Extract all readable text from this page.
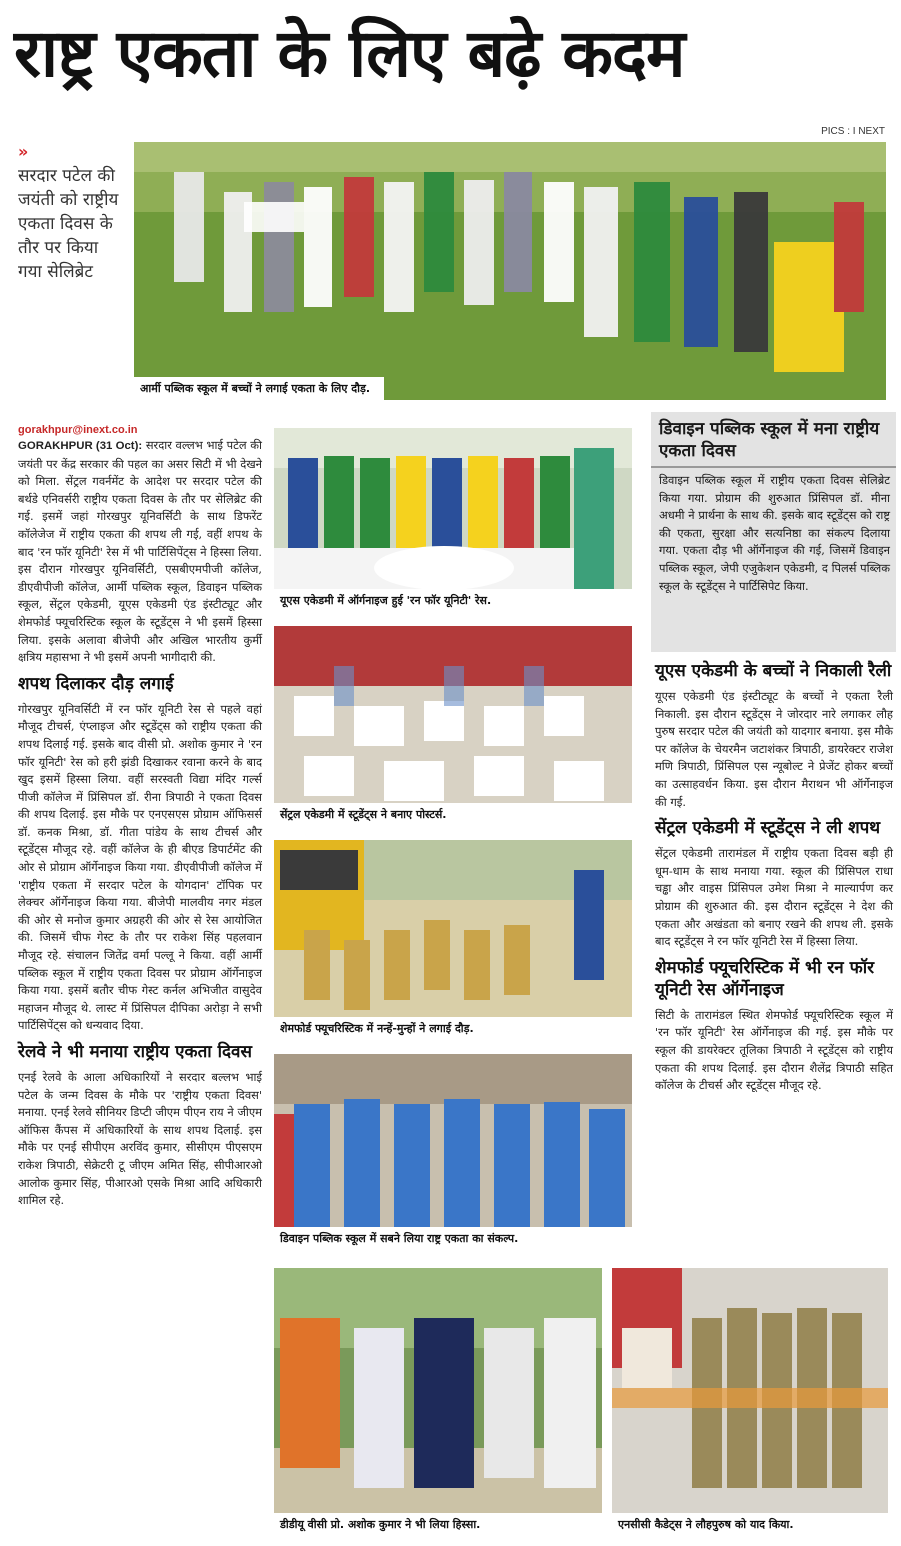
राष्ट्र एकता के लिए बढ़े कदम
PICS : I NEXT
»
सरदार पटेल की जयंती को राष्ट्रीय एकता दिवस के तौर पर किया गया सेलिब्रेट
आर्मी पब्लिक स्कूल में बच्चों ने लगाई एकता के लिए दौड़.
gorakhpur@inext.co.in

GORAKHPUR (31 Oct): सरदार वल्लभ भाई पटेल की जयंती पर केंद्र सरकार की पहल का असर सिटी में भी देखने को मिला. सेंट्रल गवर्नमेंट के आदेश पर सरदार पटेल की बर्थडे एनिवर्सरी राष्ट्रीय एकता दिवस के तौर पर सेलिब्रेट की गई. इसमें जहां गोरखपुर यूनिवर्सिटी के साथ डिफरेंट कॉलेजेज में राष्ट्रीय एकता की शपथ ली गई, वहीं शपथ के बाद 'रन फॉर यूनिटी' रेस में भी पार्टिसिपेंट्स ने हिस्सा लिया. इस दौरान गोरखपुर यूनिवर्सिटी, एसबीएमपीजी कॉलेज, डीएवीपीजी कॉलेज, आर्मी पब्लिक स्कूल, डिवाइन पब्लिक स्कूल, सेंट्रल एकेडमी, यूएस एकेडमी एंड इंस्टीट्यूट और शेमफोर्ड फ्यूचरिस्टिक स्कूल के स्टूडेंट्स ने भी इसमें हिस्सा लिया. इसके अलावा बीजेपी और अखिल भारतीय कुर्मी क्षत्रिय महासभा ने भी इसमें अपनी भागीदारी की.

शपथ दिलाकर दौड़ लगाई

गोरखपुर यूनिवर्सिटी में रन फॉर यूनिटी रेस से पहले वहां मौजूद टीचर्स, एंप्लाइज और स्टूडेंट्स को राष्ट्रीय एकता की शपथ दिलाई गई. इसके बाद वीसी प्रो. अशोक कुमार ने 'रन फॉर यूनिटी' रेस को हरी झंडी दिखाकर रवाना करने के बाद खुद इसमें हिस्सा लिया. वहीं सरस्वती विद्या मंदिर गर्ल्स पीजी कॉलेज में प्रिंसिपल डॉ. रीना त्रिपाठी ने एकता दिवस की शपथ दिलाई. इस मौके पर एनएसएस प्रोग्राम ऑफिसर्स डॉ. कनक मिश्रा, डॉ. गीता पांडेय के साथ टीचर्स और स्टूडेंट्स मौजूद रहे. वहीं कॉलेज के ही बीएड डिपार्टमेंट की ओर से प्रोग्राम ऑर्गेनाइज किया गया. डीएवीपीजी कॉलेज में 'राष्ट्रीय एकता में सरदार पटेल के योगदान' टॉपिक पर लेक्चर ऑर्गेनाइज किया गया. बीजेपी मालवीय नगर मंडल की ओर से मनोज कुमार अग्रहरी की ओर से रेस आयोजित की. जिसमें चीफ गेस्ट के तौर पर राकेश सिंह पहलवान मौजूद रहे. संचालन जितेंद्र वर्मा पल्लू ने किया. वहीं आर्मी पब्लिक स्कूल में राष्ट्रीय एकता दिवस पर प्रोग्राम ऑर्गेनाइज किया गया. इसमें बतौर चीफ गेस्ट कर्नल अभिजीत वासुदेव महाजन मौजूद थे. लास्ट में प्रिंसिपल दीपिका अरोड़ा ने सभी पार्टिसिपेंट्स को धन्यवाद दिया.

रेलवे ने भी मनाया राष्ट्रीय एकता दिवस

एनई रेलवे के आला अधिकारियों ने सरदार बल्लभ भाई पटेल के जन्म दिवस के मौके पर 'राष्ट्रीय एकता दिवस' मनाया. एनई रेलवे सीनियर डिप्टी जीएम पीएन राय ने जीएम ऑफिस कैंपस में अधिकारियों के साथ शपथ दिलाई. इस मौके पर एनई सीपीएम अरविंद कुमार, सीसीएम पीएसएम राकेश त्रिपाठी, सेक्रेटरी टू जीएम अमित सिंह, सीपीआरओ आलोक कुमार सिंह, पीआरओ एसके मिश्रा आदि अधिकारी शामिल रहे.

यूएस एकेडमी में ऑर्गनाइज हुई 'रन फॉर यूनिटी' रेस.
सेंट्रल एकेडमी में स्टूडेंट्स ने बनाए पोस्टर्स.
शेमफोर्ड फ्यूचरिस्टिक में नन्हें-मुन्हों ने लगाई दौड़.
डिवाइन पब्लिक स्कूल में सबने लिया राष्ट्र एकता का संकल्प.
डिवाइन पब्लिक स्कूल में मना राष्ट्रीय एकता दिवस
डिवाइन पब्लिक स्कूल में राष्ट्रीय एकता दिवस सेलिब्रेट किया गया. प्रोग्राम की शुरुआत प्रिंसिपल डॉ. मीना अधमी ने प्रार्थना के साथ की. इसके बाद स्टूडेंट्स को राष्ट्र की एकता, सुरक्षा और सत्यनिष्ठा का संकल्प दिलाया गया. एकता दौड़ भी ऑर्गेनाइज की गई, जिसमें डिवाइन पब्लिक स्कूल, जेपी एजुकेशन एकेडमी, द पिलर्स पब्लिक स्कूल के स्टूडेंट्स ने पार्टिसिपेट किया.
यूएस एकेडमी के बच्चों ने निकाली रैली

यूएस एकेडमी एंड इंस्टीट्यूट के बच्चों ने एकता रैली निकाली. इस दौरान स्टूडेंट्स ने जोरदार नारे लगाकर लौह पुरुष सरदार पटेल की जयंती को यादगार बनाया. इस मौके पर कॉलेज के चेयरमैन जटाशंकर त्रिपाठी, डायरेक्टर राजेश मणि त्रिपाठी, प्रिंसिपल एस न्यूबोल्ट ने प्रेजेंट होकर बच्चों का उत्साहवर्धन किया. इस दौरान मैराथन भी ऑर्गेनाइज की गई.

सेंट्रल एकेडमी में स्टूडेंट्स ने ली शपथ

सेंट्रल एकेडमी तारामंडल में राष्ट्रीय एकता दिवस बड़ी ही धूम-धाम के साथ मनाया गया. स्कूल की प्रिंसिपल राधा चड्ढा और वाइस प्रिंसिपल उमेश मिश्रा ने माल्यार्पण कर प्रोग्राम की शुरुआत की. इस दौरान स्टूडेंट्स ने देश की एकता और अखंडता को बनाए रखने की शपथ ली. इसके बाद स्टूडेंट्स ने रन फॉर यूनिटी रेस में हिस्सा लिया.

शेमफोर्ड फ्यूचरिस्टिक में भी रन फॉर यूनिटी रेस ऑर्गेनाइज

सिटी के तारामंडल स्थित शेमफोर्ड फ्यूचरिस्टिक स्कूल में 'रन फॉर यूनिटी' रेस ऑर्गेनाइज की गई. इस मौके पर स्कूल की डायरेक्टर तूलिका त्रिपाठी ने स्टूडेंट्स को राष्ट्रीय एकता की शपथ दिलाई. इस दौरान शैलेंद्र त्रिपाठी सहित कॉलेज के टीचर्स और स्टूडेंट्स मौजूद रहे.

डीडीयू वीसी प्रो. अशोक कुमार ने भी लिया हिस्सा.	एनसीसी कैडेट्स ने लौहपुरुष को याद किया.
